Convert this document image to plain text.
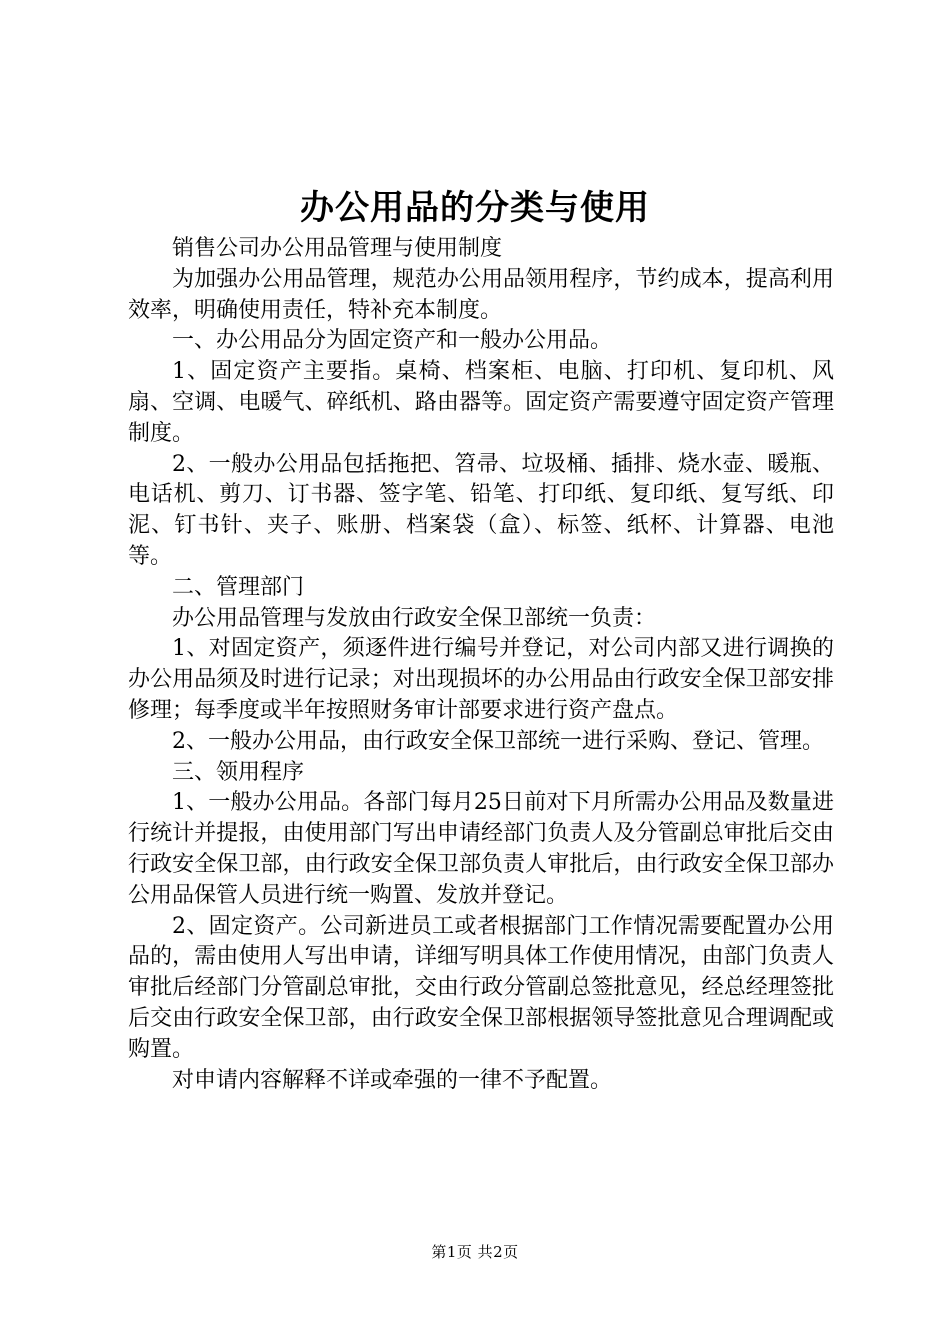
办公用品的分类与使用

销售公司办公用品管理与使用制度

为加强办公用品管理，规范办公用品领用程序，节约成本，提高利用效率，明确使用责任，特补充本制度。

一、办公用品分为固定资产和一般办公用品。

1、固定资产主要指。桌椅、档案柜、电脑、打印机、复印机、风扇、空调、电暖气、碎纸机、路由器等。固定资产需要遵守固定资产管理制度。

2、一般办公用品包括拖把、笤帚、垃圾桶、插排、烧水壶、暖瓶、电话机、剪刀、订书器、签字笔、铅笔、打印纸、复印纸、复写纸、印泥、钉书针、夹子、账册、档案袋（盒）、标签、纸杯、计算器、电池等。

二、管理部门

办公用品管理与发放由行政安全保卫部统一负责：

1、对固定资产，须逐件进行编号并登记，对公司内部又进行调换的办公用品须及时进行记录；对出现损坏的办公用品由行政安全保卫部安排修理；每季度或半年按照财务审计部要求进行资产盘点。

2、一般办公用品，由行政安全保卫部统一进行采购、登记、管理。

三、领用程序

1、一般办公用品。各部门每月25日前对下月所需办公用品及数量进行统计并提报，由使用部门写出申请经部门负责人及分管副总审批后交由行政安全保卫部，由行政安全保卫部负责人审批后，由行政安全保卫部办公用品保管人员进行统一购置、发放并登记。

2、固定资产。公司新进员工或者根据部门工作情况需要配置办公用品的，需由使用人写出申请，详细写明具体工作使用情况，由部门负责人审批后经部门分管副总审批，交由行政分管副总签批意见，经总经理签批后交由行政安全保卫部，由行政安全保卫部根据领导签批意见合理调配或购置。

对申请内容解释不详或牵强的一律不予配置。

第1页 共2页
